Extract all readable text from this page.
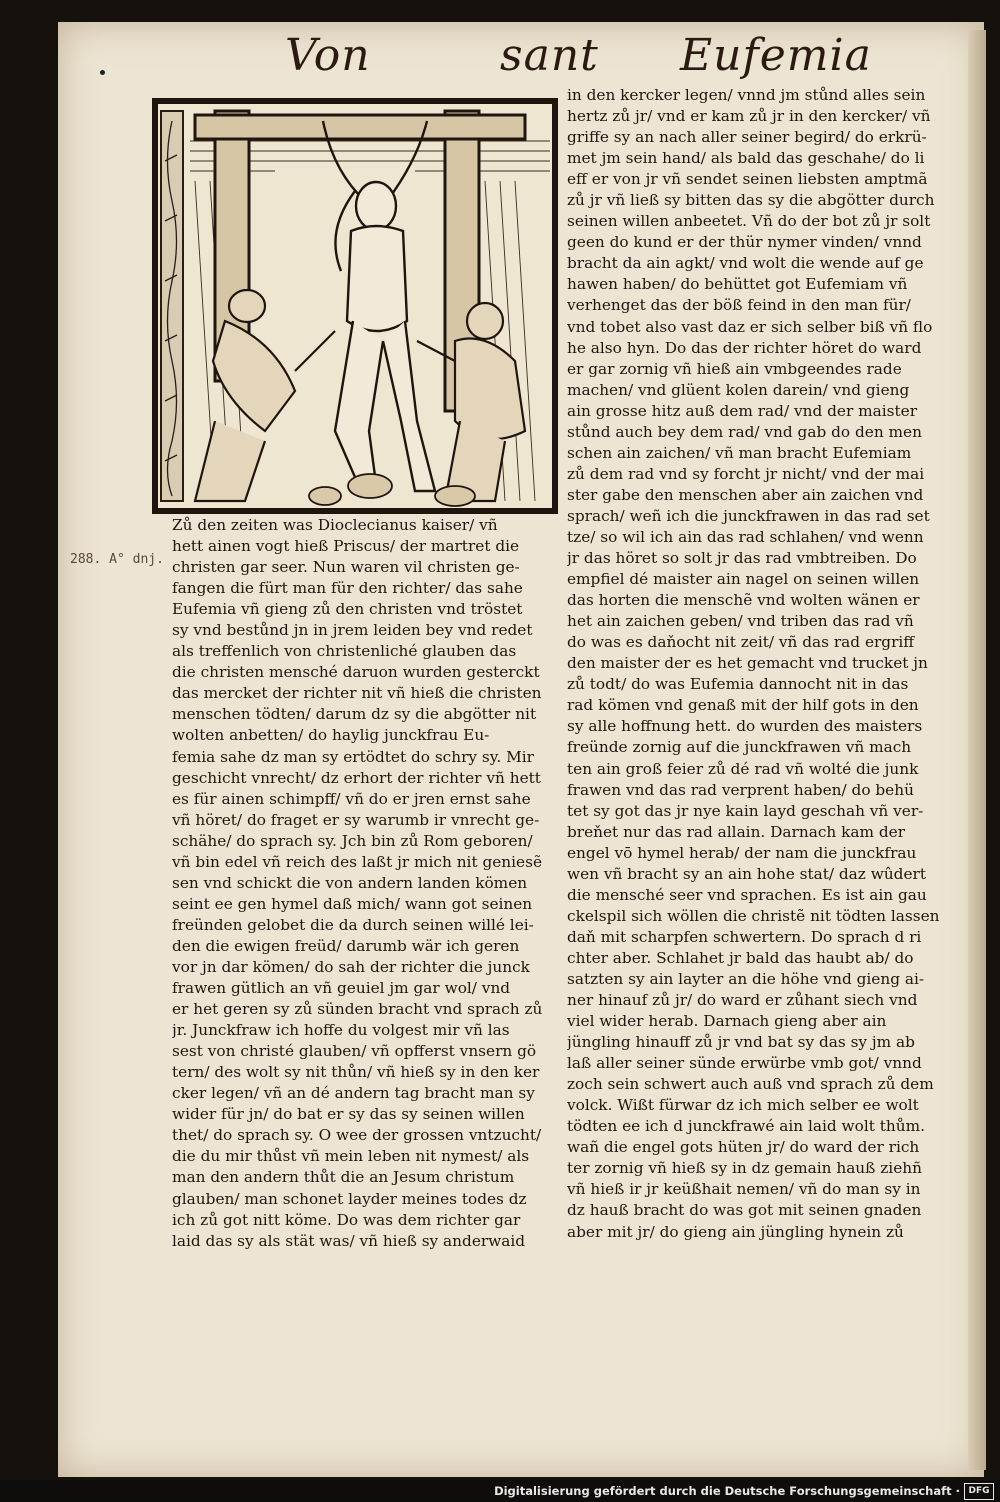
Von	sant Eufemia
288. A° dnj.
Zů den zeiten was Dioclecianus kaiser/ vñ
hett ainen vogt hieß Priscus/ der martret die
christen gar seer. Nun waren vil christen ge-
fangen die fürt man für den richter/ das sahe
Eufemia vñ gieng zů den christen vnd tröstet
sy vnd bestůnd jn in jrem leiden bey vnd redet
als treffenlich von christenliché glauben das
die christen mensché daruon wurden gesterckt
das mercket der richter nit vñ hieß die christen
menschen tödten/ darum dz sy die abgötter nit
wolten anbetten/ do haylig junckfrau Eu-
femia sahe dz man sy ertödtet do schry sy. Mir
geschicht vnrecht/ dz erhort der richter vñ hett
es für ainen schimpff/ vñ do er jren ernst sahe
vñ höret/ do fraget er sy warumb ir vnrecht ge-
schähe/ do sprach sy. Jch bin zů Rom geboren/
vñ bin edel vñ reich des laßt jr mich nit geniesẽ
sen vnd schickt die von andern landen kömen
seint ee gen hymel daß mich/ wann got seinen
freünden gelobet die da durch seinen willé lei-
den die ewigen freüd/ darumb wär ich geren
vor jn dar kömen/ do sah der richter die junck
frawen gütlich an vñ geuiel jm gar wol/ vnd
er het geren sy zů sünden bracht vnd sprach zů
jr. Junckfraw ich hoffe du volgest mir vñ las
sest von christé glauben/ vñ opfferst vnsern gö
tern/ des wolt sy nit thůn/ vñ hieß sy in den ker
cker legen/ vñ an dé andern tag bracht man sy
wider für jn/ do bat er sy das sy seinen willen
thet/ do sprach sy. O wee der grossen vntzucht/
die du mir thůst vñ mein leben nit nymest/ als
man den andern thůt die an Jesum christum
glauben/ man schonet layder meines todes dz
ich zů got nitt köme. Do was dem richter gar
laid das sy als stät was/ vñ hieß sy anderwaid
in den kercker legen/ vnnd jm stůnd alles sein
hertz zů jr/ vnd er kam zů jr in den kercker/ vñ
griffe sy an nach aller seiner begird/ do erkrü-
met jm sein hand/ als bald das geschahe/ do li
eff er von jr vñ sendet seinen liebsten amptmã
zů jr vñ ließ sy bitten das sy die abgötter durch
seinen willen anbeetet. Vñ do der bot zů jr solt
geen do kund er der thür nymer vinden/ vnnd
bracht da ain agkt/ vnd wolt die wende auf ge
hawen haben/ do behüttet got Eufemiam vñ
verhenget das der böß feind in den man für/
vnd tobet also vast daz er sich selber biß vñ flo
he also hyn. Do das der richter höret do ward
er gar zornig vñ hieß ain vmbgeendes rade
machen/ vnd glüent kolen darein/ vnd gieng
ain grosse hitz auß dem rad/ vnd der maister
stůnd auch bey dem rad/ vnd gab do den men
schen ain zaichen/ vñ man bracht Eufemiam
zů dem rad vnd sy forcht jr nicht/ vnd der mai
ster gabe den menschen aber ain zaichen vnd
sprach/ weñ ich die junckfrawen in das rad set
tze/ so wil ich ain das rad schlahen/ vnd wenn
jr das höret so solt jr das rad vmbtreiben. Do
empfiel dé maister ain nagel on seinen willen
das horten die menschẽ vnd wolten wänen er
het ain zaichen geben/ vnd triben das rad vñ
do was es daňocht nit zeit/ vñ das rad ergriff
den maister der es het gemacht vnd trucket jn
zů todt/ do was Eufemia dannocht nit in das
rad kömen vnd genaß mit der hilf gots in den
sy alle hoffnung hett. do wurden des maisters
freünde zornig auf die junckfrawen vñ mach
ten ain groß feier zů dé rad vñ wolté die junk
frawen vnd das rad verprent haben/ do behü
tet sy got das jr nye kain layd geschah vñ ver-
breňet nur das rad allain. Darnach kam der
engel vō hymel herab/ der nam die junckfrau
wen vñ bracht sy an ain hohe stat/ daz wûdert
die mensché seer vnd sprachen. Es ist ain gau
ckelspil sich wöllen die christẽ nit tödten lassen
daň mit scharpfen schwertern. Do sprach d ri
chter aber. Schlahet jr bald das haubt ab/ do
satzten sy ain layter an die höhe vnd gieng ai-
ner hinauf zů jr/ do ward er zůhant siech vnd
viel wider herab. Darnach gieng aber ain
jüngling hinauff zů jr vnd bat sy das sy jm ab
laß aller seiner sünde erwürbe vmb got/ vnnd
zoch sein schwert auch auß vnd sprach zů dem
volck. Wißt fürwar dz ich mich selber ee wolt
tödten ee ich d junckfrawé ain laid wolt thům.
wañ die engel gots hüten jr/ do ward der rich
ter zornig vñ hieß sy in dz gemain hauß ziehñ
vñ hieß ir jr keüßhait nemen/ vñ do man sy in
dz hauß bracht do was got mit seinen gnaden
aber mit jr/ do gieng ain jüngling hynein zů
Digitalisierung gefördert durch die Deutsche Forschungsgemeinschaft · DFG
